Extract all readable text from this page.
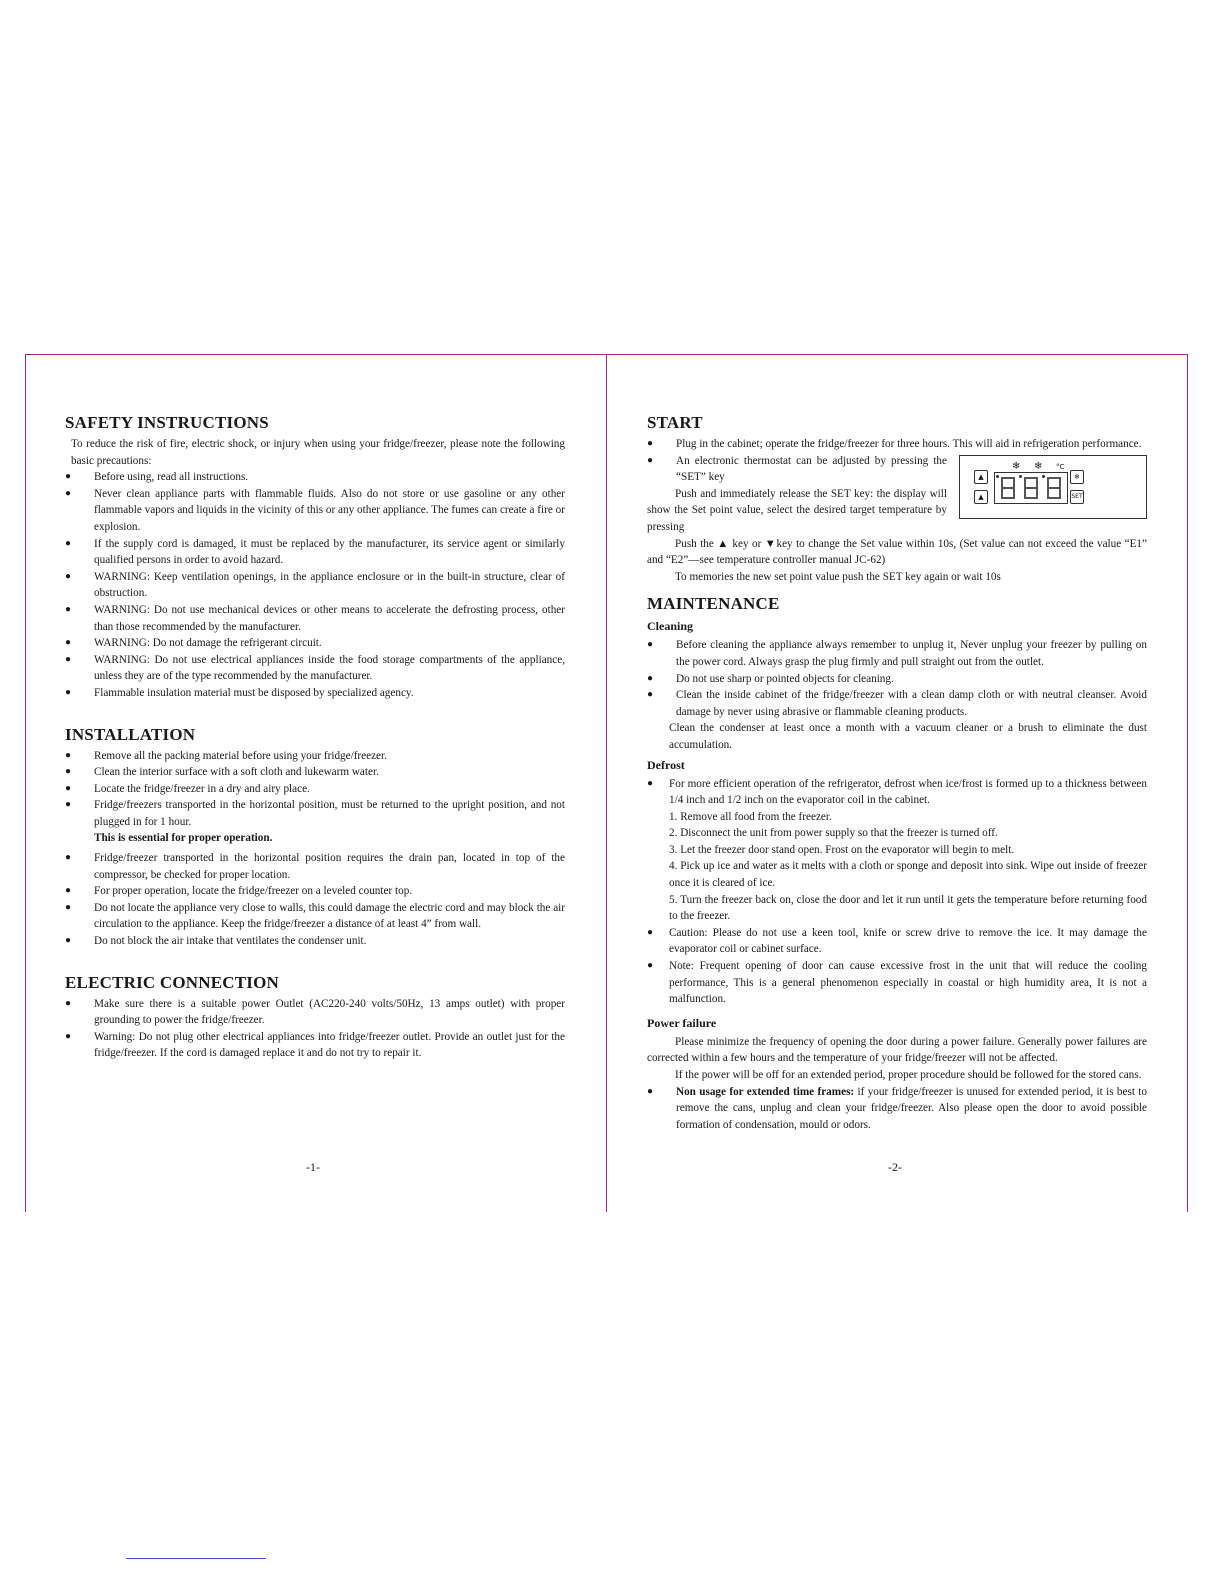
SAFETY INSTRUCTIONS

To reduce the risk of fire, electric shock, or injury when using your fridge/freezer, please note the following basic precautions:

● Before using, read all instructions.
● Never clean appliance parts with flammable fluids. Also do not store or use gasoline or any other flammable vapors and liquids in the vicinity of this or any other appliance. The fumes can create a fire or explosion.
● If the supply cord is damaged, it must be replaced by the manufacturer, its service agent or similarly qualified persons in order to avoid hazard.
● WARNING: Keep ventilation openings, in the appliance enclosure or in the built-in structure, clear of obstruction.
● WARNING: Do not use mechanical devices or other means to accelerate the defrosting process, other than those recommended by the manufacturer.
● WARNING: Do not damage the refrigerant circuit.
● WARNING: Do not use electrical appliances inside the food storage compartments of the appliance, unless they are of the type recommended by the manufacturer.
● Flammable insulation material must be disposed by specialized agency.
INSTALLATION
● Remove all the packing material before using your fridge/freezer.
● Clean the interior surface with a soft cloth and lukewarm water.
● Locate the fridge/freezer in a dry and airy place.
● Fridge/freezers transported in the horizontal position, must be returned to the upright position, and not plugged in for 1 hour.

This is essential for proper operation.

● Fridge/freezer transported in the horizontal position requires the drain pan, located in top of the compressor, be checked for proper location.
● For proper operation, locate the fridge/freezer on a leveled counter top.
● Do not locate the appliance very close to walls, this could damage the electric cord and may block the air circulation to the appliance. Keep the fridge/freezer a distance of at least 4” from wall.
● Do not block the air intake that ventilates the condenser unit.
ELECTRIC CONNECTION
● Make sure there is a suitable power Outlet (AC220-240 volts/50Hz, 13 amps outlet) with proper grounding to power the fridge/freezer.
● Warning: Do not plug other electrical appliances into fridge/freezer outlet. Provide an outlet just for the fridge/freezer. If the cord is damaged replace it and do not try to repair it.
-1-
START
● Plug in the cabinet; operate the fridge/freezer for three hours. This will aid in refrigeration performance.
▲
▲
❄ ❄ °C
❄
SET
● An electronic thermostat can be adjusted by pressing the “SET” key

Push and immediately release the SET key: the display will show the Set point value, select the desired target temperature by pressing

Push the ▲ key or ▼key to change the Set value within 10s, (Set value can not exceed the value “E1” and “E2”—see temperature controller manual JC-62)

To memories the new set point value push the SET key again or wait 10s

MAINTENANCE
Cleaning
● Before cleaning the appliance always remember to unplug it, Never unplug your freezer by pulling on the power cord. Always grasp the plug firmly and pull straight out from the outlet.
● Do not use sharp or pointed objects for cleaning.
● Clean the inside cabinet of the fridge/freezer with a clean damp cloth or with neutral cleanser. Avoid damage by never using abrasive or flammable cleaning products.

Clean the condenser at least once a month with a vacuum cleaner or a brush to eliminate the dust accumulation.

Defrost
● For more efficient operation of the refrigerator, defrost when ice/frost is formed up to a thickness between 1/4 inch and 1/2 inch on the evaporator coil in the cabinet.

1. Remove all food from the freezer.

2. Disconnect the unit from power supply so that the freezer is turned off.

3. Let the freezer door stand open. Frost on the evaporator will begin to melt.

4. Pick up ice and water as it melts with a cloth or sponge and deposit into sink. Wipe out inside of freezer once it is cleared of ice.

5. Turn the freezer back on, close the door and let it run until it gets the temperature before returning food to the freezer.

● Caution: Please do not use a keen tool, knife or screw drive to remove the ice. It may damage the evaporator coil or cabinet surface.
● Note: Frequent opening of door can cause excessive frost in the unit that will reduce the cooling performance, This is a general phenomenon especially in coastal or high humidity area, It is not a malfunction.
Power failure

Please minimize the frequency of opening the door during a power failure. Generally power failures are corrected within a few hours and the temperature of your fridge/freezer will not be affected.

If the power will be off for an extended period, proper procedure should be followed for the stored cans.

● Non usage for extended time frames: if your fridge/freezer is unused for extended period, it is best to remove the cans, unplug and clean your fridge/freezer. Also please open the door to avoid possible formation of condensation, mould or odors.
-2-
